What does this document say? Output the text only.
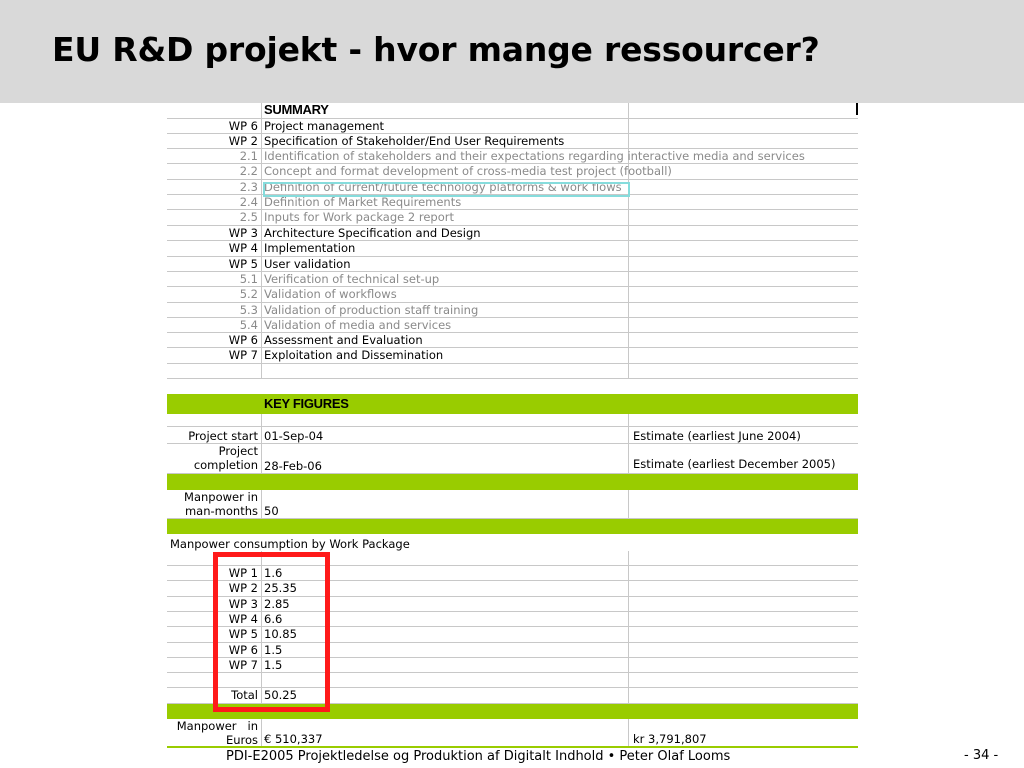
EU R&D projekt - hvor mange ressourcer?
SUMMARY
WP 6 Project management
WP 2 Specification of Stakeholder/End User Requirements
2.1 Identification of stakeholders and their expectations regarding interactive media and services
2.2 Concept and format development of cross-media test project (football)
2.3 Definition of current/future technology platforms & work flows
2.4 Definition of Market Requirements
2.5 Inputs for Work package 2 report
WP 3 Architecture Specification and Design
WP 4 Implementation
WP 5 User validation
5.1 Verification of technical set-up
5.2 Validation of workflows
5.3 Validation of production staff training
5.4 Validation of media and services
WP 6 Assessment and Evaluation
WP 7 Exploitation and Dissemination
KEY FIGURES
Project start 01-Sep-04	Estimate (earliest June 2004)
Project
completion 28-Feb-06	Estimate (earliest December 2005)
Manpower in
man-months 50
Manpower consumption by Work Package
WP 1 1.6
WP 2 25.35
WP 3 2.85
WP 4 6.6
WP 5 10.85
WP 6 1.5
WP 7 1.5
Total 50.25
Manpower   in
Euros € 510,337	kr 3,791,807
PDI-E2005 Projektledelse og Produktion af Digitalt Indhold • Peter Olaf Looms	- 34 -
